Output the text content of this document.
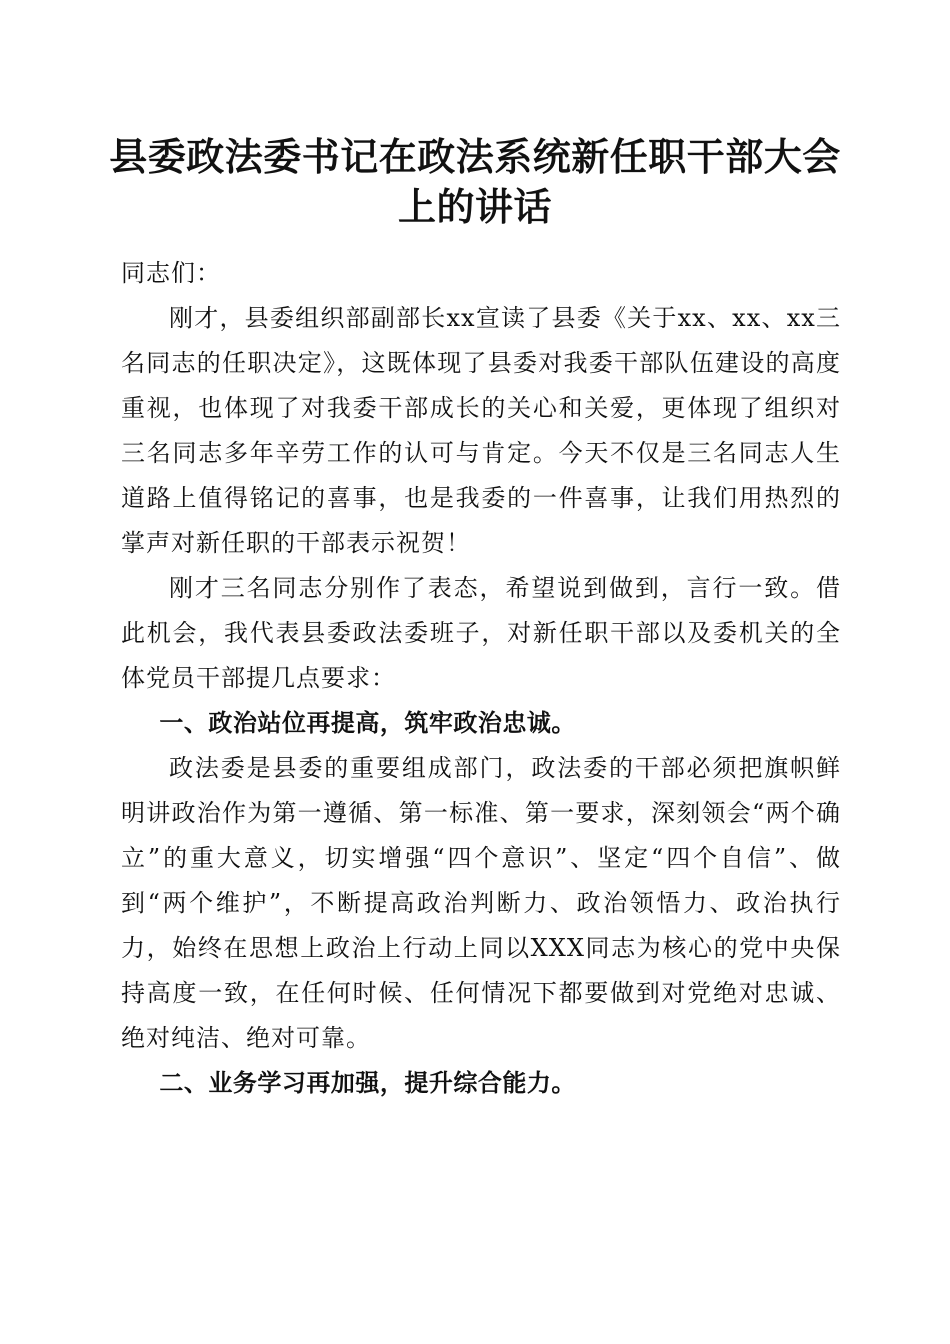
县委政法委书记在政法系统新任职干部大会上的讲话

同志们：

刚才，县委组织部副部长xx宣读了县委《关于xx、xx、xx三名同志的任职决定》，这既体现了县委对我委干部队伍建设的高度重视，也体现了对我委干部成长的关心和关爱，更体现了组织对三名同志多年辛劳工作的认可与肯定。今天不仅是三名同志人生道路上值得铭记的喜事，也是我委的一件喜事，让我们用热烈的掌声对新任职的干部表示祝贺！

刚才三名同志分别作了表态，希望说到做到，言行一致。借此机会，我代表县委政法委班子，对新任职干部以及委机关的全体党员干部提几点要求：

一、政治站位再提高，筑牢政治忠诚。

政法委是县委的重要组成部门，政法委的干部必须把旗帜鲜明讲政治作为第一遵循、第一标准、第一要求，深刻领会“两个确立”的重大意义，切实增强“四个意识”、坚定“四个自信”、做到“两个维护”，不断提高政治判断力、政治领悟力、政治执行力，始终在思想上政治上行动上同以XXX同志为核心的党中央保持高度一致，在任何时候、任何情况下都要做到对党绝对忠诚、绝对纯洁、绝对可靠。

二、业务学习再加强，提升综合能力。
